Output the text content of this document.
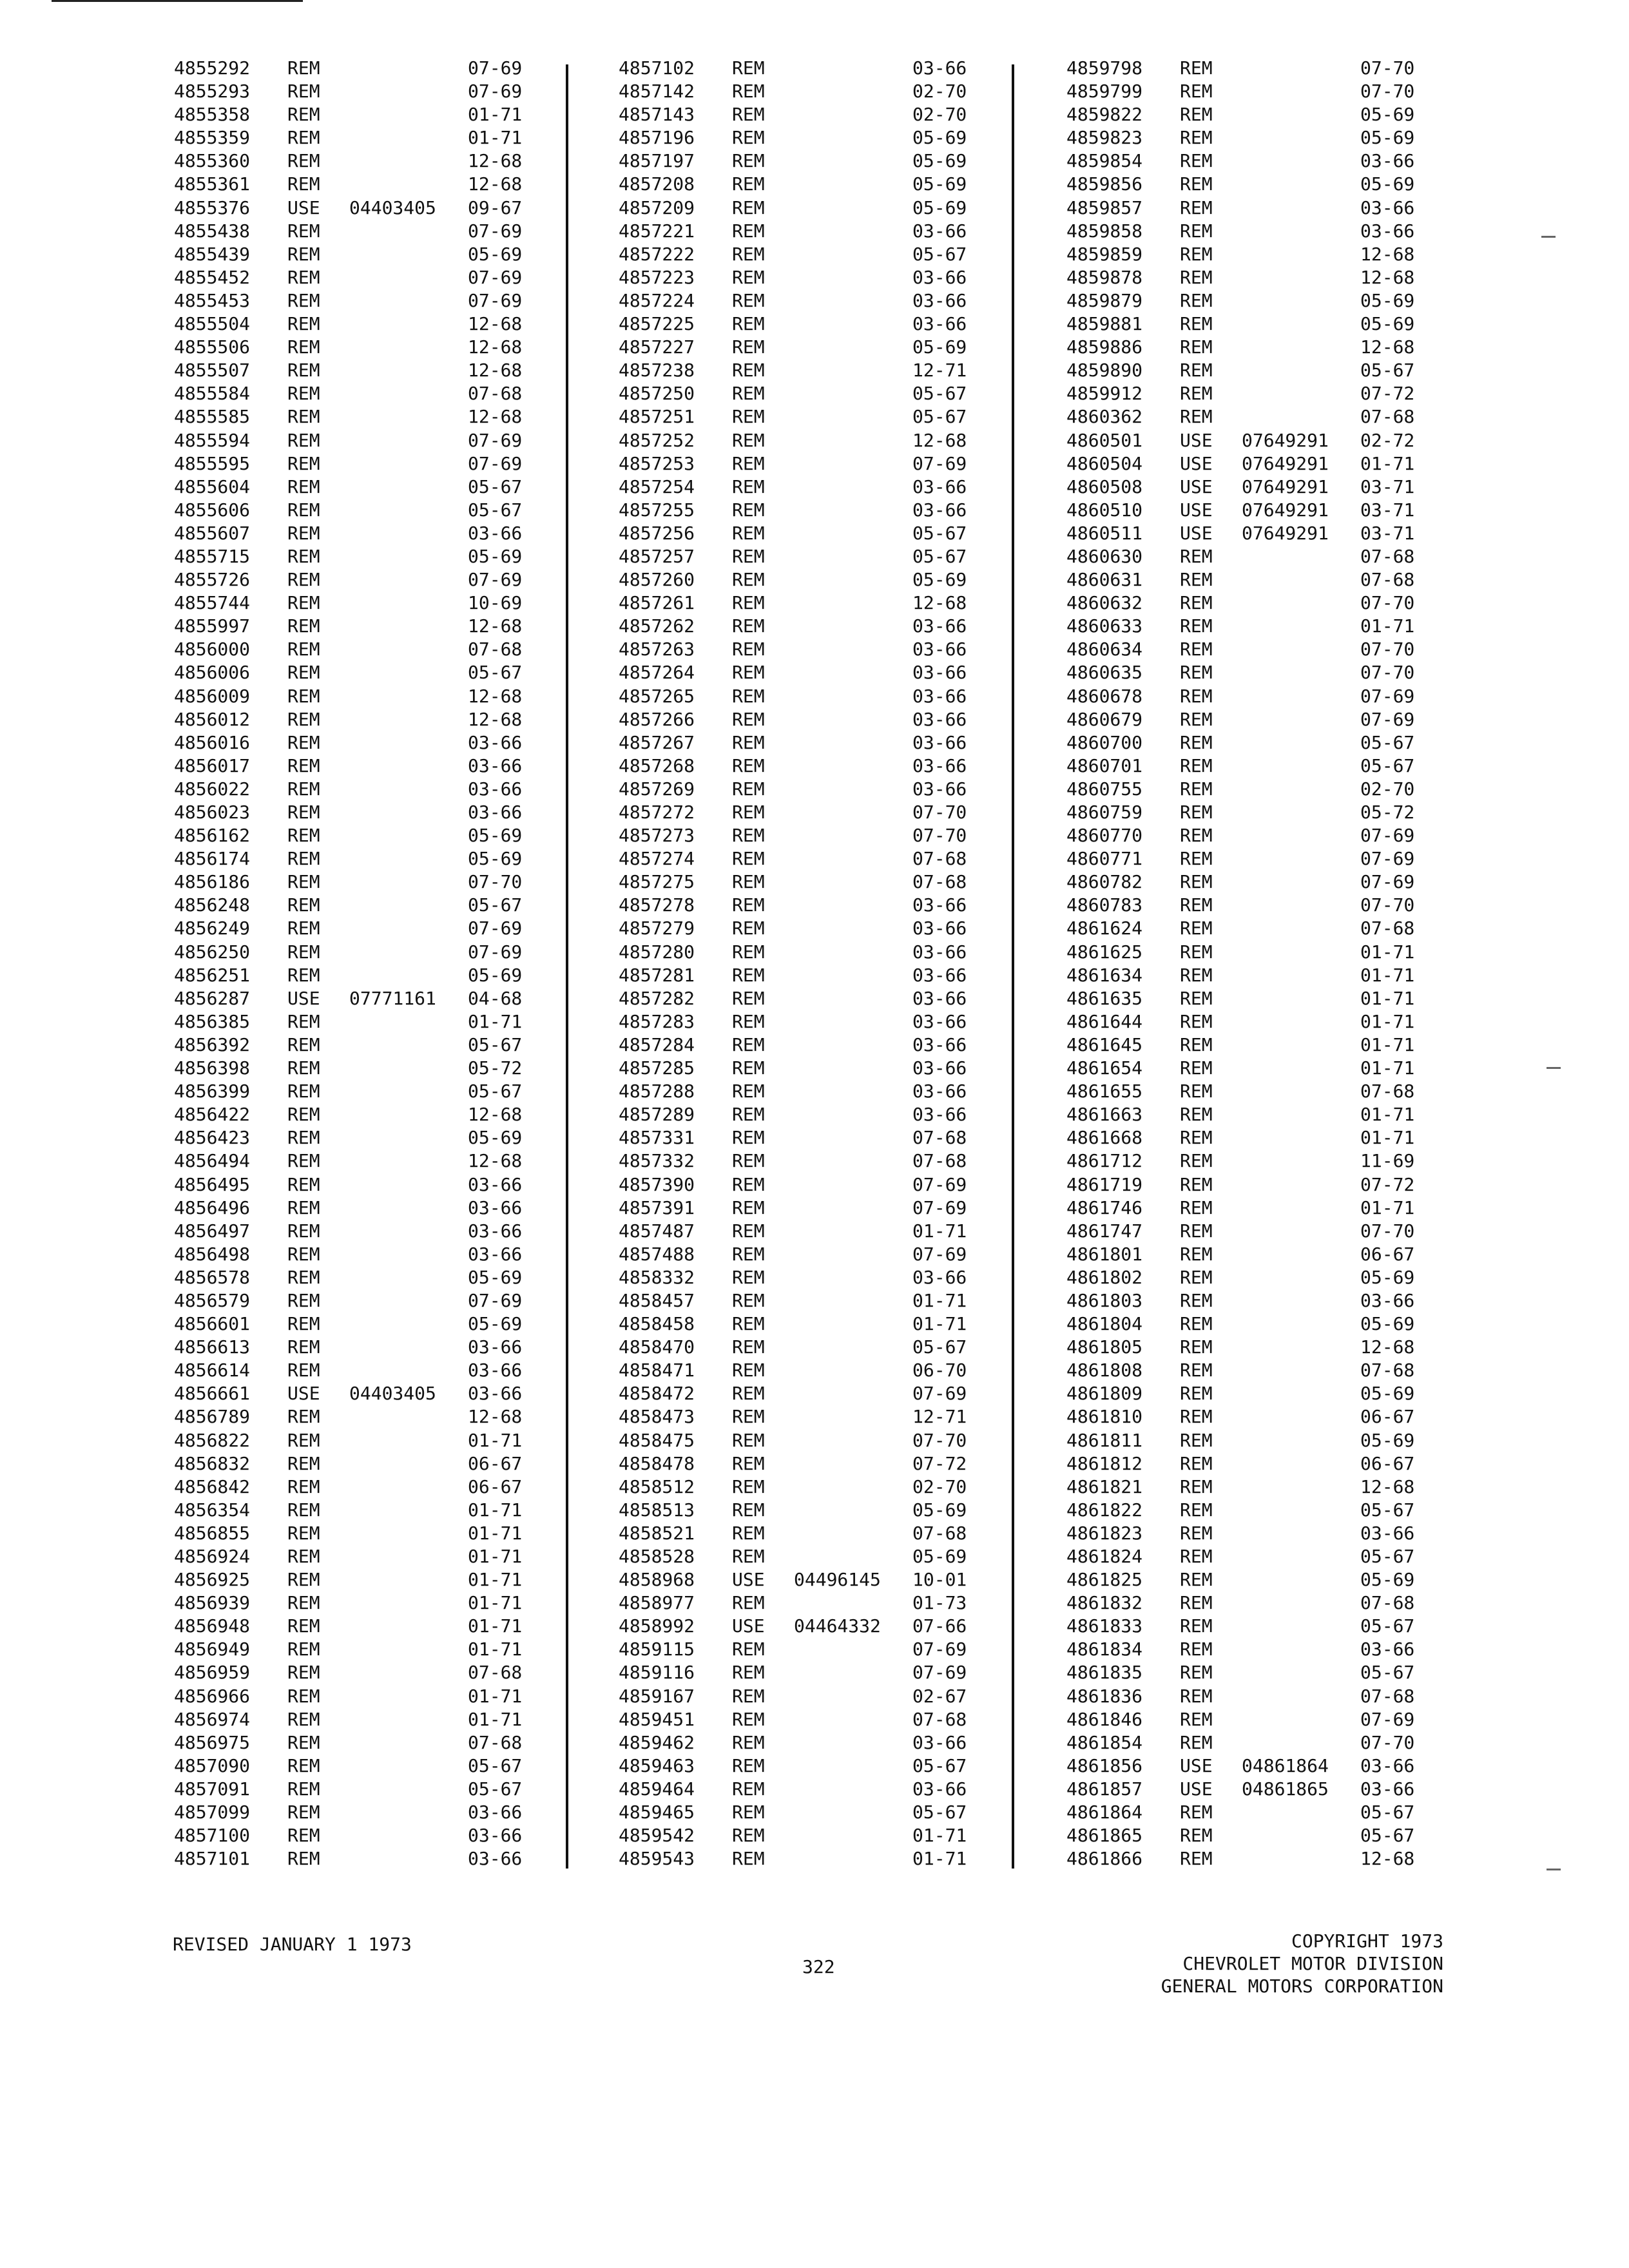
4855292 REM	07-69
4855293 REM	07-69
4855358 REM	01-71
4855359 REM	01-71
4855360 REM	12-68
4855361 REM	12-68
4855376 USE 04403405 09-67
4855438 REM	07-69
4855439 REM	05-69
4855452 REM	07-69
4855453 REM	07-69
4855504 REM	12-68
4855506 REM	12-68
4855507 REM	12-68
4855584 REM	07-68
4855585 REM	12-68
4855594 REM	07-69
4855595 REM	07-69
4855604 REM	05-67
4855606 REM	05-67
4855607 REM	03-66
4855715 REM	05-69
4855726 REM	07-69
4855744 REM	10-69
4855997 REM	12-68
4856000 REM	07-68
4856006 REM	05-67
4856009 REM	12-68
4856012 REM	12-68
4856016 REM	03-66
4856017 REM	03-66
4856022 REM	03-66
4856023 REM	03-66
4856162 REM	05-69
4856174 REM	05-69
4856186 REM	07-70
4856248 REM	05-67
4856249 REM	07-69
4856250 REM	07-69
4856251 REM	05-69
4856287 USE 07771161 04-68
4856385 REM	01-71
4856392 REM	05-67
4856398 REM	05-72
4856399 REM	05-67
4856422 REM	12-68
4856423 REM	05-69
4856494 REM	12-68
4856495 REM	03-66
4856496 REM	03-66
4856497 REM	03-66
4856498 REM	03-66
4856578 REM	05-69
4856579 REM	07-69
4856601 REM	05-69
4856613 REM	03-66
4856614 REM	03-66
4856661 USE 04403405 03-66
4856789 REM	12-68
4856822 REM	01-71
4856832 REM	06-67
4856842 REM	06-67
4856354 REM	01-71
4856855 REM	01-71
4856924 REM	01-71
4856925 REM	01-71
4856939 REM	01-71
4856948 REM	01-71
4856949 REM	01-71
4856959 REM	07-68
4856966 REM	01-71
4856974 REM	01-71
4856975 REM	07-68
4857090 REM	05-67
4857091 REM	05-67
4857099 REM	03-66
4857100 REM	03-66
4857101 REM	03-66
4857102 REM	03-66
4857142 REM	02-70
4857143 REM	02-70
4857196 REM	05-69
4857197 REM	05-69
4857208 REM	05-69
4857209 REM	05-69
4857221 REM	03-66
4857222 REM	05-67
4857223 REM	03-66
4857224 REM	03-66
4857225 REM	03-66
4857227 REM	05-69
4857238 REM	12-71
4857250 REM	05-67
4857251 REM	05-67
4857252 REM	12-68
4857253 REM	07-69
4857254 REM	03-66
4857255 REM	03-66
4857256 REM	05-67
4857257 REM	05-67
4857260 REM	05-69
4857261 REM	12-68
4857262 REM	03-66
4857263 REM	03-66
4857264 REM	03-66
4857265 REM	03-66
4857266 REM	03-66
4857267 REM	03-66
4857268 REM	03-66
4857269 REM	03-66
4857272 REM	07-70
4857273 REM	07-70
4857274 REM	07-68
4857275 REM	07-68
4857278 REM	03-66
4857279 REM	03-66
4857280 REM	03-66
4857281 REM	03-66
4857282 REM	03-66
4857283 REM	03-66
4857284 REM	03-66
4857285 REM	03-66
4857288 REM	03-66
4857289 REM	03-66
4857331 REM	07-68
4857332 REM	07-68
4857390 REM	07-69
4857391 REM	07-69
4857487 REM	01-71
4857488 REM	07-69
4858332 REM	03-66
4858457 REM	01-71
4858458 REM	01-71
4858470 REM	05-67
4858471 REM	06-70
4858472 REM	07-69
4858473 REM	12-71
4858475 REM	07-70
4858478 REM	07-72
4858512 REM	02-70
4858513 REM	05-69
4858521 REM	07-68
4858528 REM	05-69
4858968 USE 04496145 10-01
4858977 REM	01-73
4858992 USE 04464332 07-66
4859115 REM	07-69
4859116 REM	07-69
4859167 REM	02-67
4859451 REM	07-68
4859462 REM	03-66
4859463 REM	05-67
4859464 REM	03-66
4859465 REM	05-67
4859542 REM	01-71
4859543 REM	01-71
4859798 REM	07-70
4859799 REM	07-70
4859822 REM	05-69
4859823 REM	05-69
4859854 REM	03-66
4859856 REM	05-69
4859857 REM	03-66
4859858 REM	03-66
4859859 REM	12-68
4859878 REM	12-68
4859879 REM	05-69
4859881 REM	05-69
4859886 REM	12-68
4859890 REM	05-67
4859912 REM	07-72
4860362 REM	07-68
4860501 USE 07649291 02-72
4860504 USE 07649291 01-71
4860508 USE 07649291 03-71
4860510 USE 07649291 03-71
4860511 USE 07649291 03-71
4860630 REM	07-68
4860631 REM	07-68
4860632 REM	07-70
4860633 REM	01-71
4860634 REM	07-70
4860635 REM	07-70
4860678 REM	07-69
4860679 REM	07-69
4860700 REM	05-67
4860701 REM	05-67
4860755 REM	02-70
4860759 REM	05-72
4860770 REM	07-69
4860771 REM	07-69
4860782 REM	07-69
4860783 REM	07-70
4861624 REM	07-68
4861625 REM	01-71
4861634 REM	01-71
4861635 REM	01-71
4861644 REM	01-71
4861645 REM	01-71
4861654 REM	01-71
4861655 REM	07-68
4861663 REM	01-71
4861668 REM	01-71
4861712 REM	11-69
4861719 REM	07-72
4861746 REM	01-71
4861747 REM	07-70
4861801 REM	06-67
4861802 REM	05-69
4861803 REM	03-66
4861804 REM	05-69
4861805 REM	12-68
4861808 REM	07-68
4861809 REM	05-69
4861810 REM	06-67
4861811 REM	05-69
4861812 REM	06-67
4861821 REM	12-68
4861822 REM	05-67
4861823 REM	03-66
4861824 REM	05-67
4861825 REM	05-69
4861832 REM	07-68
4861833 REM	05-67
4861834 REM	03-66
4861835 REM	05-67
4861836 REM	07-68
4861846 REM	07-69
4861854 REM	07-70
4861856 USE 04861864 03-66
4861857 USE 04861865 03-66
4861864 REM	05-67
4861865 REM	05-67
4861866 REM	12-68
REVISED JANUARY 1 1973
322
COPYRIGHT 1973
CHEVROLET MOTOR DIVISION
GENERAL MOTORS CORPORATION
